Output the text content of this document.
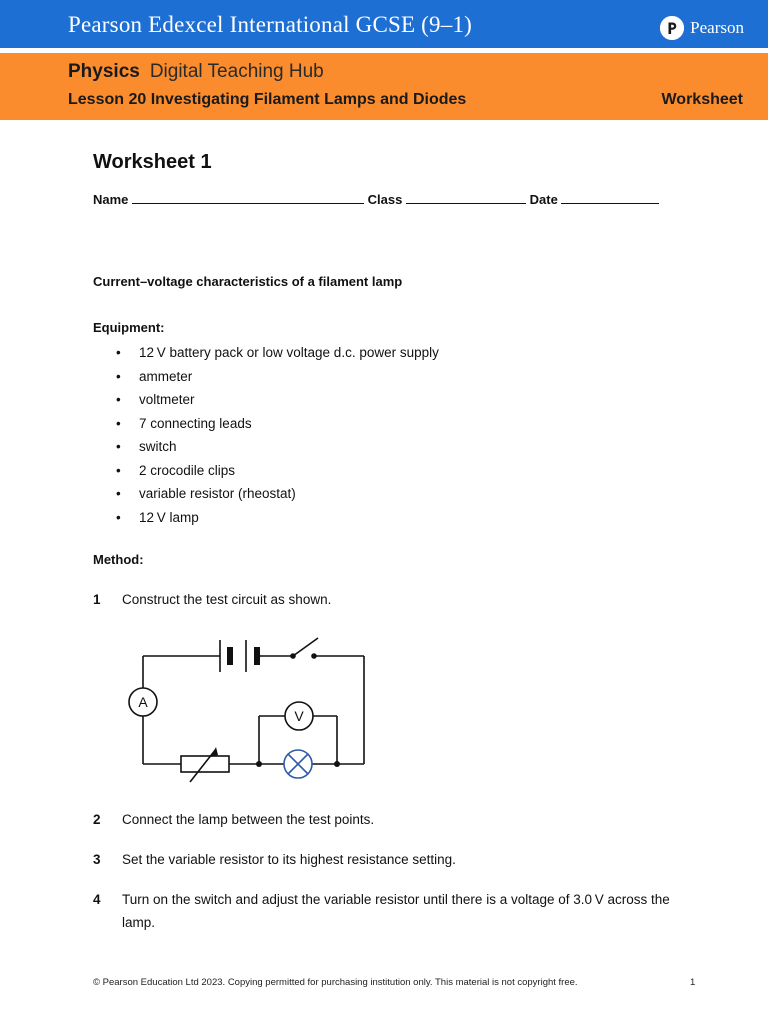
Pearson Edexcel International GCSE (9–1)	Pearson
Physics Digital Teaching Hub
Lesson 20 Investigating Filament Lamps and Diodes	Worksheet
Worksheet 1
Name	Class	Date
Current–voltage characteristics of a filament lamp
Equipment:
• 12 V battery pack or low voltage d.c. power supply
• ammeter
• voltmeter
• 7 connecting leads
• switch
• 2 crocodile clips
• variable resistor (rheostat)
• 12 V lamp
Method:
1 Construct the test circuit as shown.
A
V
2 Connect the lamp between the test points.
3 Set the variable resistor to its highest resistance setting.
4 Turn on the switch and adjust the variable resistor until there is a voltage of 3.0 V across the lamp.
© Pearson Education Ltd 2023. Copying permitted for purchasing institution only. This material is not copyright free.	1
